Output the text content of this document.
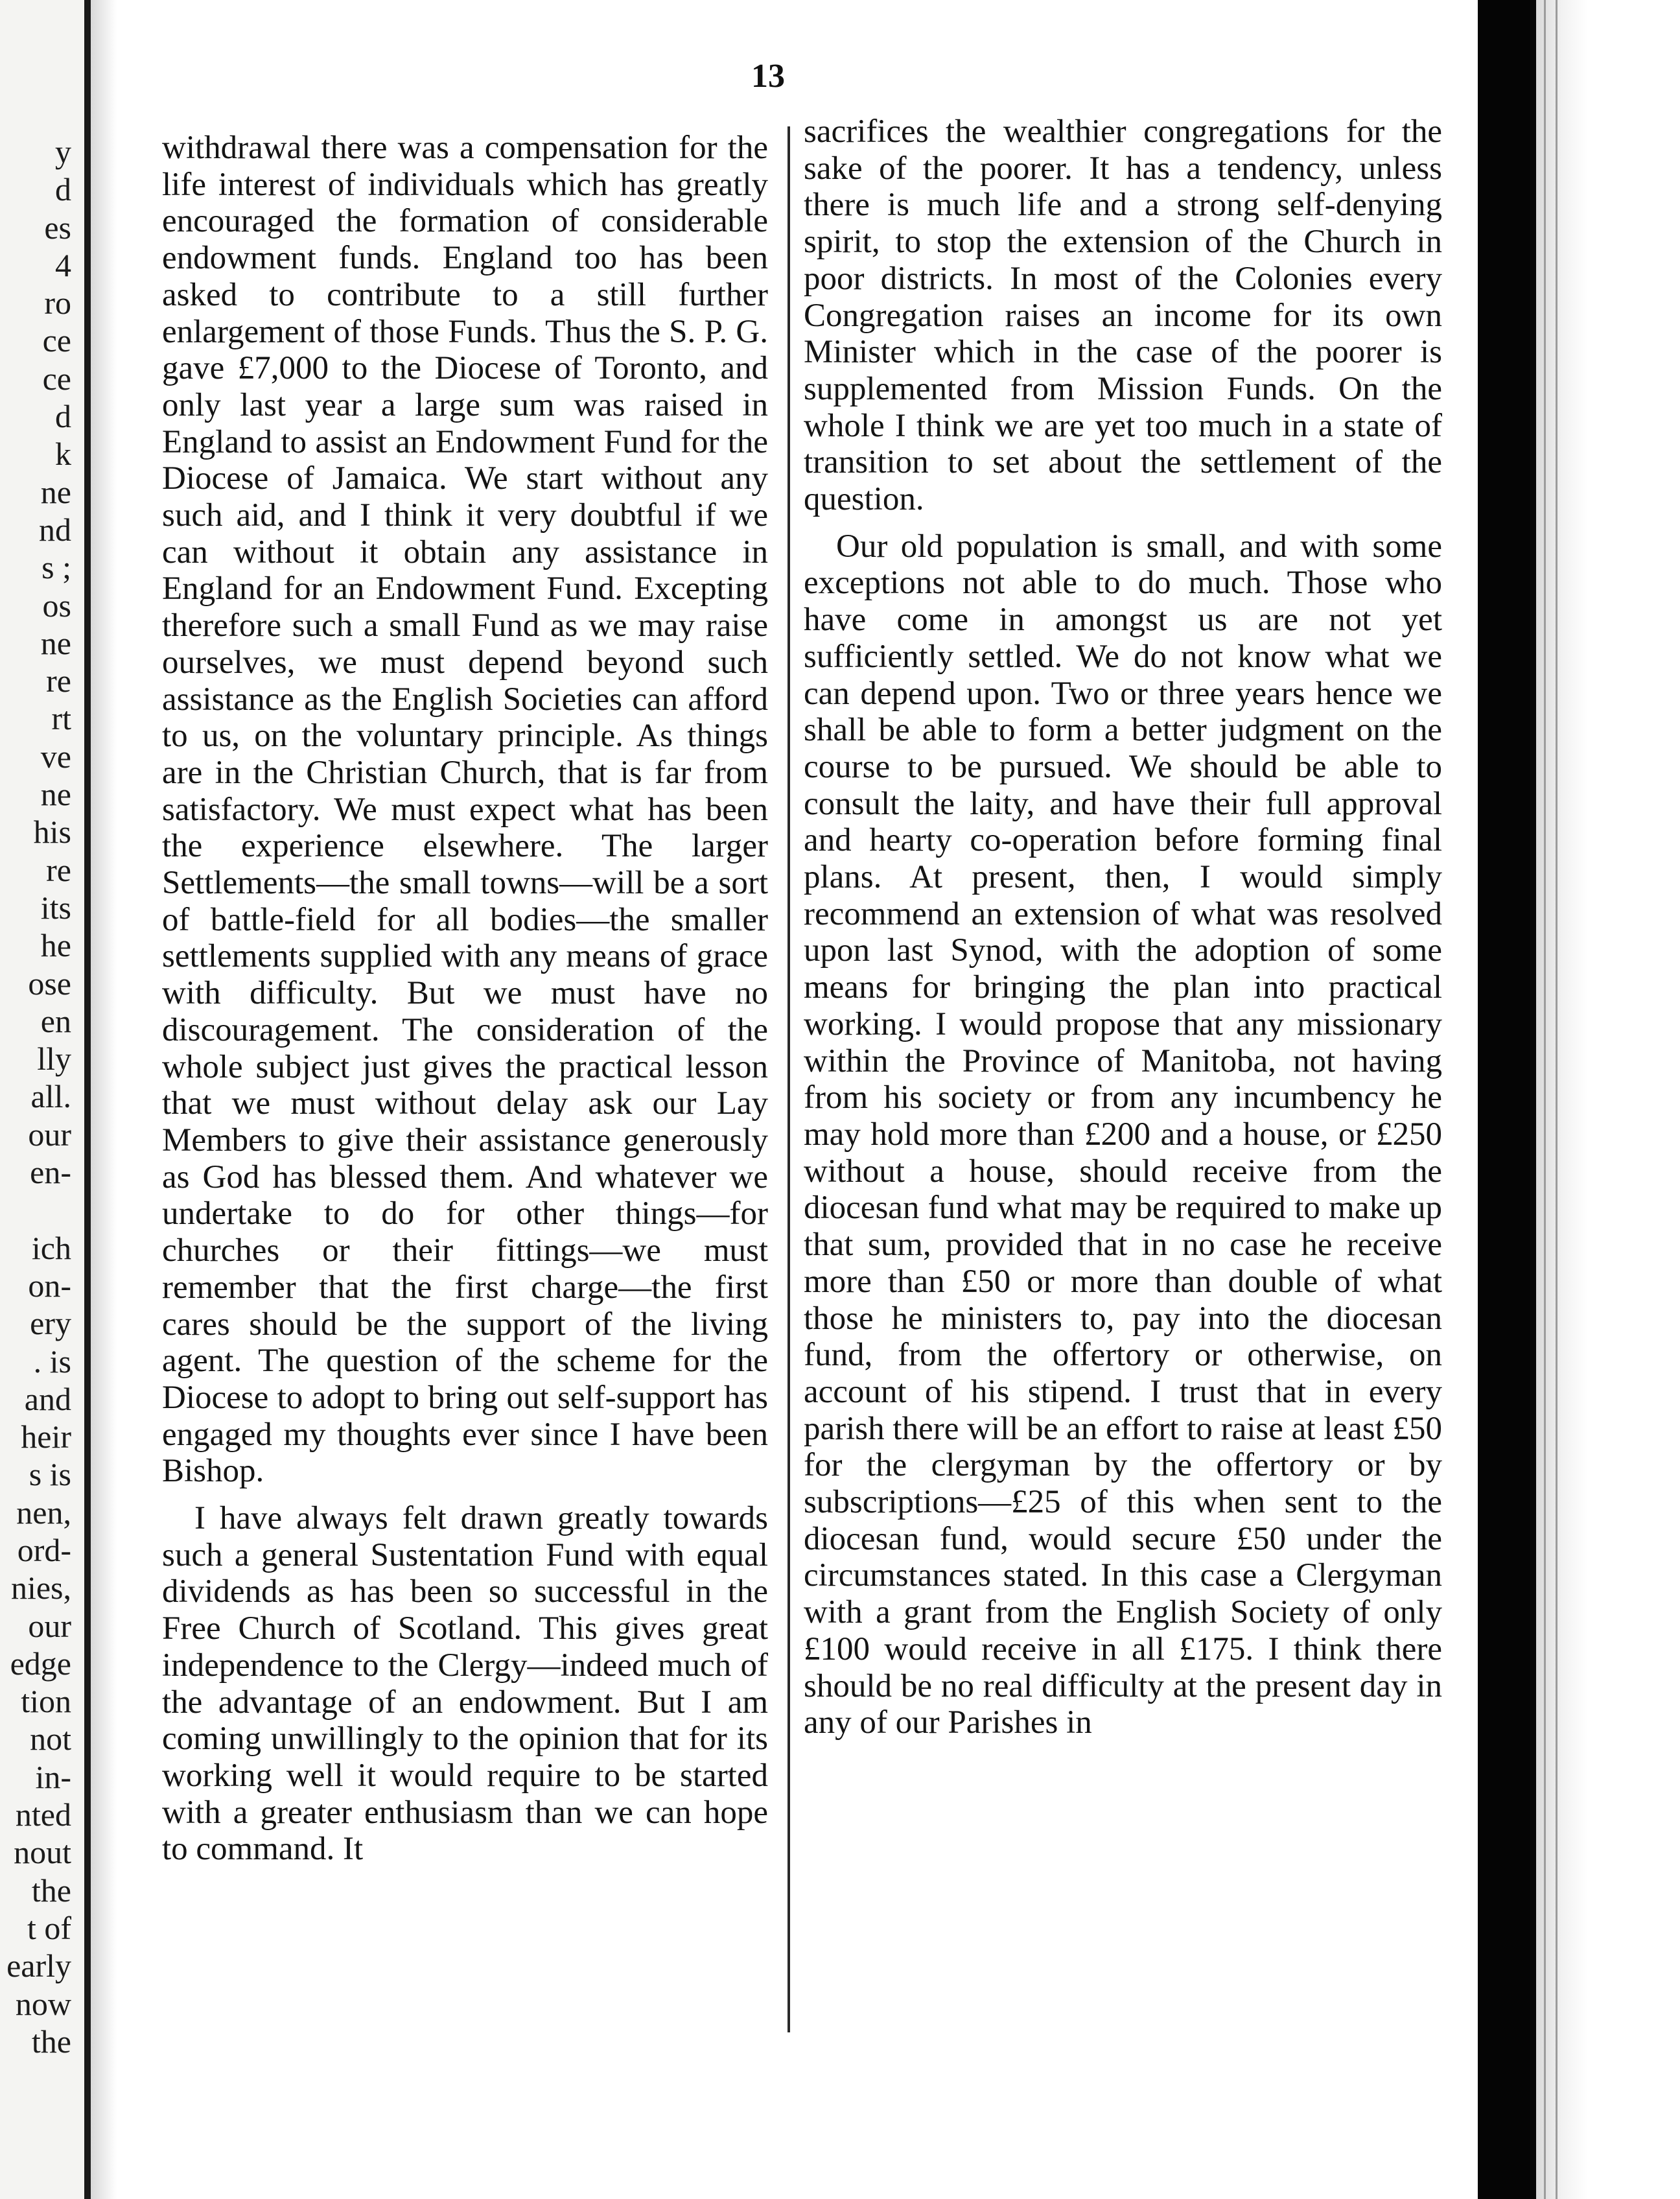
y
d
es
4
ro
ce
ce
d
k
ne
nd
s ;
os
ne
re
rt
ve
ne
his
re
its
he
ose
en
lly
all.
our
en-
ich
on-
ery
. is
and
heir
s is
nen,
ord-
nies,
our
edge
tion
not
in-
nted
nout
the
t of
early
now
the
13

withdrawal there was a compensation for the life interest of individuals which has greatly encouraged the formation of considerable endowment funds. England too has been asked to contribute to a still further enlargement of those Funds. Thus the S. P. G. gave £7,000 to the Diocese of Toronto, and only last year a large sum was raised in England to assist an Endowment Fund for the Diocese of Jamaica. We start without any such aid, and I think it very doubtful if we can without it obtain any assistance in England for an Endowment Fund. Excepting therefore such a small Fund as we may raise ourselves, we must depend beyond such assistance as the English Societies can afford to us, on the voluntary principle. As things are in the Christian Church, that is far from satisfactory. We must expect what has been the experience elsewhere. The larger Settlements—the small towns—will be a sort of battle-field for all bodies—the smaller settlements supplied with any means of grace with difficulty. But we must have no discouragement. The consideration of the whole subject just gives the practical lesson that we must without delay ask our Lay Members to give their assistance generously as God has blessed them. And whatever we undertake to do for other things—for churches or their fittings—we must remember that the first charge—the first cares should be the support of the living agent. The question of the scheme for the Diocese to adopt to bring out self-support has engaged my thoughts ever since I have been Bishop.

I have always felt drawn greatly towards such a general Sustentation Fund with equal dividends as has been so successful in the Free Church of Scotland. This gives great independence to the Clergy—indeed much of the advantage of an endowment. But I am coming unwillingly to the opinion that for its working well it would require to be started with a greater enthusiasm than we can hope to command. It

sacrifices the wealthier congregations for the sake of the poorer. It has a tendency, unless there is much life and a strong self-denying spirit, to stop the extension of the Church in poor districts. In most of the Colonies every Congregation raises an income for its own Minister which in the case of the poorer is supplemented from Mission Funds. On the whole I think we are yet too much in a state of transition to set about the settlement of the question.

Our old population is small, and with some exceptions not able to do much. Those who have come in amongst us are not yet sufficiently settled. We do not know what we can depend upon. Two or three years hence we shall be able to form a better judgment on the course to be pursued. We should be able to consult the laity, and have their full approval and hearty co-operation before forming final plans. At present, then, I would simply recommend an extension of what was resolved upon last Synod, with the adoption of some means for bringing the plan into practical working. I would propose that any missionary within the Province of Manitoba, not having from his society or from any incumbency he may hold more than £200 and a house, or £250 without a house, should receive from the diocesan fund what may be required to make up that sum, provided that in no case he receive more than £50 or more than double of what those he ministers to, pay into the diocesan fund, from the offertory or otherwise, on account of his stipend. I trust that in every parish there will be an effort to raise at least £50 for the clergyman by the offertory or by subscriptions—£25 of this when sent to the diocesan fund, would secure £50 under the circumstances stated. In this case a Clergyman with a grant from the English Society of only £100 would receive in all £175. I think there should be no real difficulty at the present day in any of our Parishes in
